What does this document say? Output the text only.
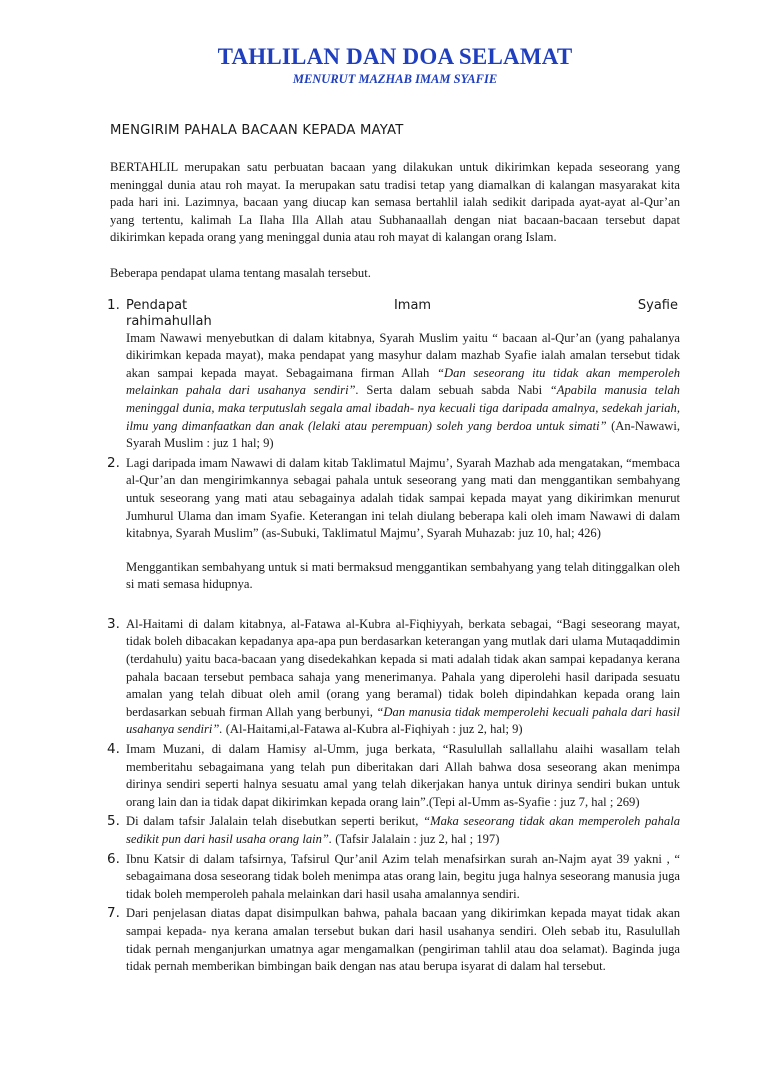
TAHLILAN DAN DOA SELAMAT
MENURUT MAZHAB IMAM SYAFIE
MENGIRIM PAHALA BACAAN KEPADA MAYAT

BERTAHLIL merupakan satu perbuatan bacaan yang dilakukan untuk dikirimkan kepada seseorang yang meninggal dunia atau roh mayat. Ia merupakan satu tradisi tetap yang diamalkan di kalangan masyarakat kita pada hari ini. Lazimnya, bacaan yang diucap kan semasa bertahlil ialah sedikit daripada ayat-ayat al-Qur’an yang tertentu, kalimah La Ilaha Illa Allah atau Subhanaallah dengan niat bacaan-bacaan tersebut dapat dikirimkan kepada orang yang meninggal dunia atau roh mayat di kalangan orang Islam.

Beberapa pendapat ulama tentang masalah tersebut.

1. Pendapat	Imam	Syafie
rahimahullah

Imam Nawawi menyebutkan di dalam kitabnya, Syarah Muslim yaitu “ bacaan al-Qur’an (yang pahalanya dikirimkan kepada mayat), maka pendapat yang masyhur dalam mazhab Syafie ialah amalan tersebut tidak akan sampai kepada mayat. Sebagaimana firman Allah “Dan seseorang itu tidak akan memperoleh melainkan pahala dari usahanya sendiri”. Serta dalam sebuah sabda Nabi “Apabila manusia telah meninggal dunia, maka terputuslah segala amal ibadah- nya kecuali tiga daripada amalnya, sedekah jariah, ilmu yang dimanfaatkan dan anak (lelaki atau perempuan) soleh yang berdoa untuk simati” (An-Nawawi, Syarah Muslim : juz 1 hal; 9)

2. Lagi daripada imam Nawawi di dalam kitab Taklimatul Majmu’, Syarah Mazhab ada mengatakan, “membaca al-Qur’an dan mengirimkannya sebagai pahala untuk seseorang yang mati dan menggantikan sembahyang untuk seseorang yang mati atau sebagainya adalah tidak sampai kepada mayat yang dikirimkan menurut Jumhurul Ulama dan imam Syafie. Keterangan ini telah diulang beberapa kali oleh imam Nawawi di dalam kitabnya, Syarah Muslim” (as-Subuki, Taklimatul Majmu’, Syarah Muhazab: juz 10, hal; 426)

Menggantikan sembahyang untuk si mati bermaksud menggantikan sembahyang yang telah ditinggalkan oleh si mati semasa hidupnya.

3. Al-Haitami di dalam kitabnya, al-Fatawa al-Kubra al-Fiqhiyyah, berkata sebagai, “Bagi seseorang mayat, tidak boleh dibacakan kepadanya apa-apa pun berdasarkan keterangan yang mutlak dari ulama Mutaqaddimin (terdahulu) yaitu baca-bacaan yang disedekahkan kepada si mati adalah tidak akan sampai kepadanya kerana pahala bacaan tersebut pembaca sahaja yang menerimanya. Pahala yang diperolehi hasil daripada sesuatu amalan yang telah dibuat oleh amil (orang yang beramal) tidak boleh dipindahkan kepada orang lain berdasarkan sebuah firman Allah yang berbunyi, “Dan manusia tidak memperolehi kecuali pahala dari hasil usahanya sendiri”. (Al-Haitami,al-Fatawa al-Kubra al-Fiqhiyah : juz 2, hal; 9)

4. Imam Muzani, di dalam Hamisy al-Umm, juga berkata, “Rasulullah sallallahu alaihi wasallam telah memberitahu sebagaimana yang telah pun diberitakan dari Allah bahwa dosa seseorang akan menimpa dirinya sendiri seperti halnya sesuatu amal yang telah dikerjakan hanya untuk dirinya sendiri bukan untuk orang lain dan ia tidak dapat dikirimkan kepada orang lain”.(Tepi al-Umm as-Syafie : juz 7, hal ; 269)

5. Di dalam tafsir Jalalain telah disebutkan seperti berikut, “Maka seseorang tidak akan memperoleh pahala sedikit pun dari hasil usaha orang lain”. (Tafsir Jalalain : juz 2, hal ; 197)

6. Ibnu Katsir di dalam tafsirnya, Tafsirul Qur’anil Azim telah menafsirkan surah an-Najm ayat 39 yakni , “ sebagaimana dosa seseorang tidak boleh menimpa atas orang lain, begitu juga halnya seseorang manusia juga tidak boleh memperoleh pahala melainkan dari hasil usaha amalannya sendiri.

7. Dari penjelasan diatas dapat disimpulkan bahwa, pahala bacaan yang dikirimkan kepada mayat tidak akan sampai kepada- nya kerana amalan tersebut bukan dari hasil usahanya sendiri. Oleh sebab itu, Rasulullah tidak pernah menganjurkan umatnya agar mengamalkan (pengiriman tahlil atau doa selamat). Baginda juga tidak pernah memberikan bimbingan baik dengan nas atau berupa isyarat di dalam hal tersebut.
